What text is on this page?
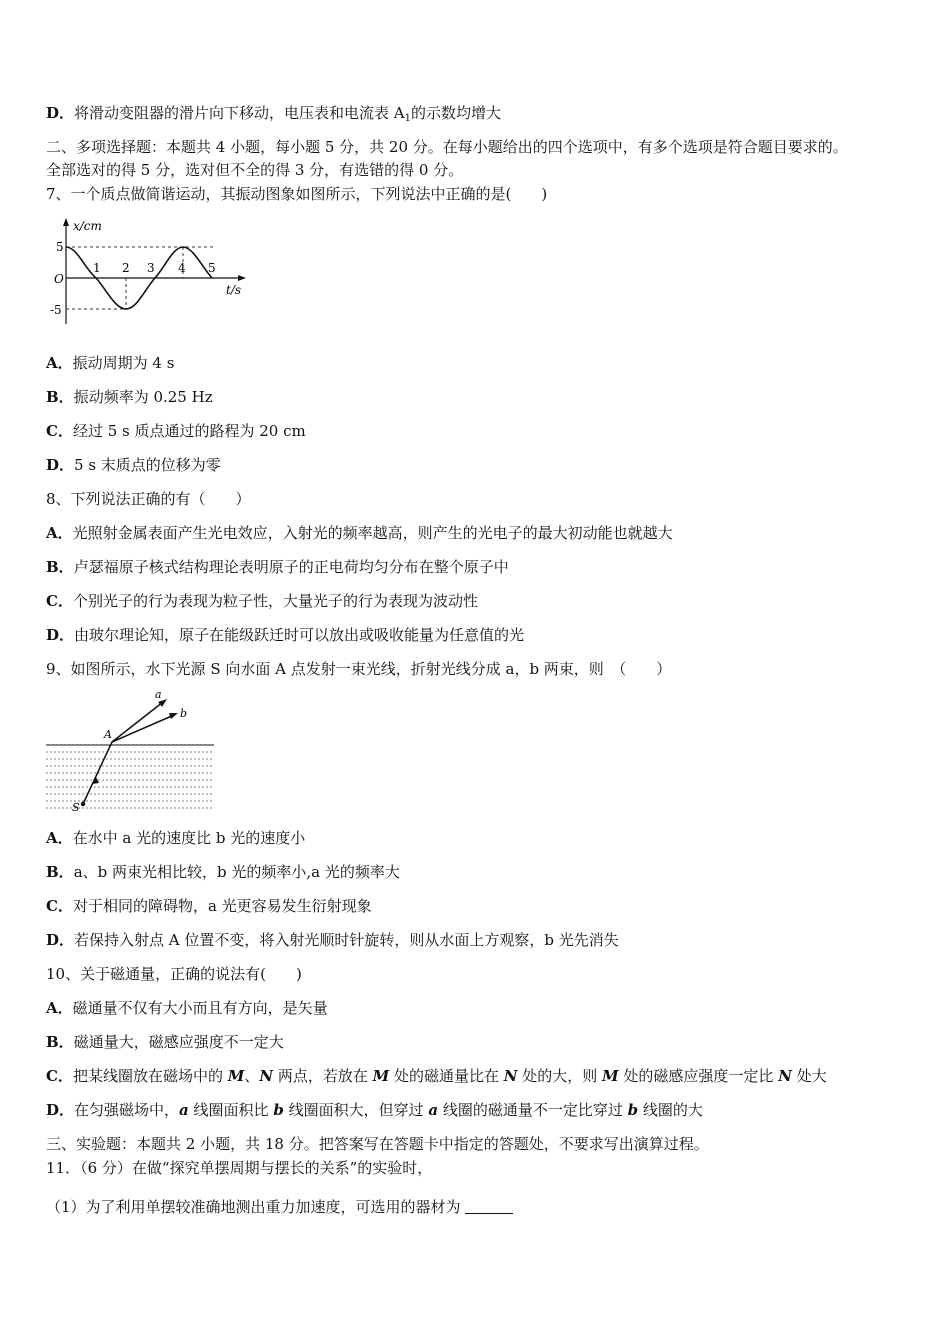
D．将滑动变阻器的滑片向下移动，电压表和电流表 $A_1$的示数均增大
二、多项选择题：本题共 4 小题，每小题 5 分，共 20 分。在每小题给出的四个选项中，有多个选项是符合题目要求的。
全部选对的得 5 分，选对但不全的得 3 分，有选错的得 0 分。
7、一个质点做简谐运动，其振动图象如图所示，下列说法中正确的是(　　)
x/cm
t/s
O
5
-5
1 2 3 4 5
A．振动周期为 4 s
B．振动频率为 0.25 Hz
C．经过 5 s 质点通过的路程为 20 cm
D．5 s 末质点的位移为零
8、下列说法正确的有（　　）
A．光照射金属表面产生光电效应，入射光的频率越高，则产生的光电子的最大初动能也就越大
B．卢瑟福原子核式结构理论表明原子的正电荷均匀分布在整个原子中
C．个别光子的行为表现为粒子性，大量光子的行为表现为波动性
D．由玻尔理论知，原子在能级跃迁时可以放出或吸收能量为任意值的光
9、如图所示，水下光源 S 向水面 A 点发射一束光线，折射光线分成 a，b 两束，则　（　　）
a
b
A
S
A．在水中 a 光的速度比 b 光的速度小
B．a、b 两束光相比较，b 光的频率小,a 光的频率大
C．对于相同的障碍物，a 光更容易发生衍射现象
D．若保持入射点 A 位置不变，将入射光顺时针旋转，则从水面上方观察，b 光先消失
10、关于磁通量，正确的说法有(　　)
A．磁通量不仅有大小而且有方向，是矢量
B．磁通量大，磁感应强度不一定大
C．把某线圈放在磁场中的 M、N 两点，若放在 M 处的磁通量比在 N 处的大，则 M 处的磁感应强度一定比 N 处大
D．在匀强磁场中，a 线圈面积比 b 线圈面积大，但穿过 a 线圈的磁通量不一定比穿过 b 线圈的大
三、实验题：本题共 2 小题，共 18 分。把答案写在答题卡中指定的答题处，不要求写出演算过程。
11．（6 分）在做“探究单摆周期与摆长的关系”的实验时，
（1）为了利用单摆较准确地测出重力加速度，可选用的器材为
